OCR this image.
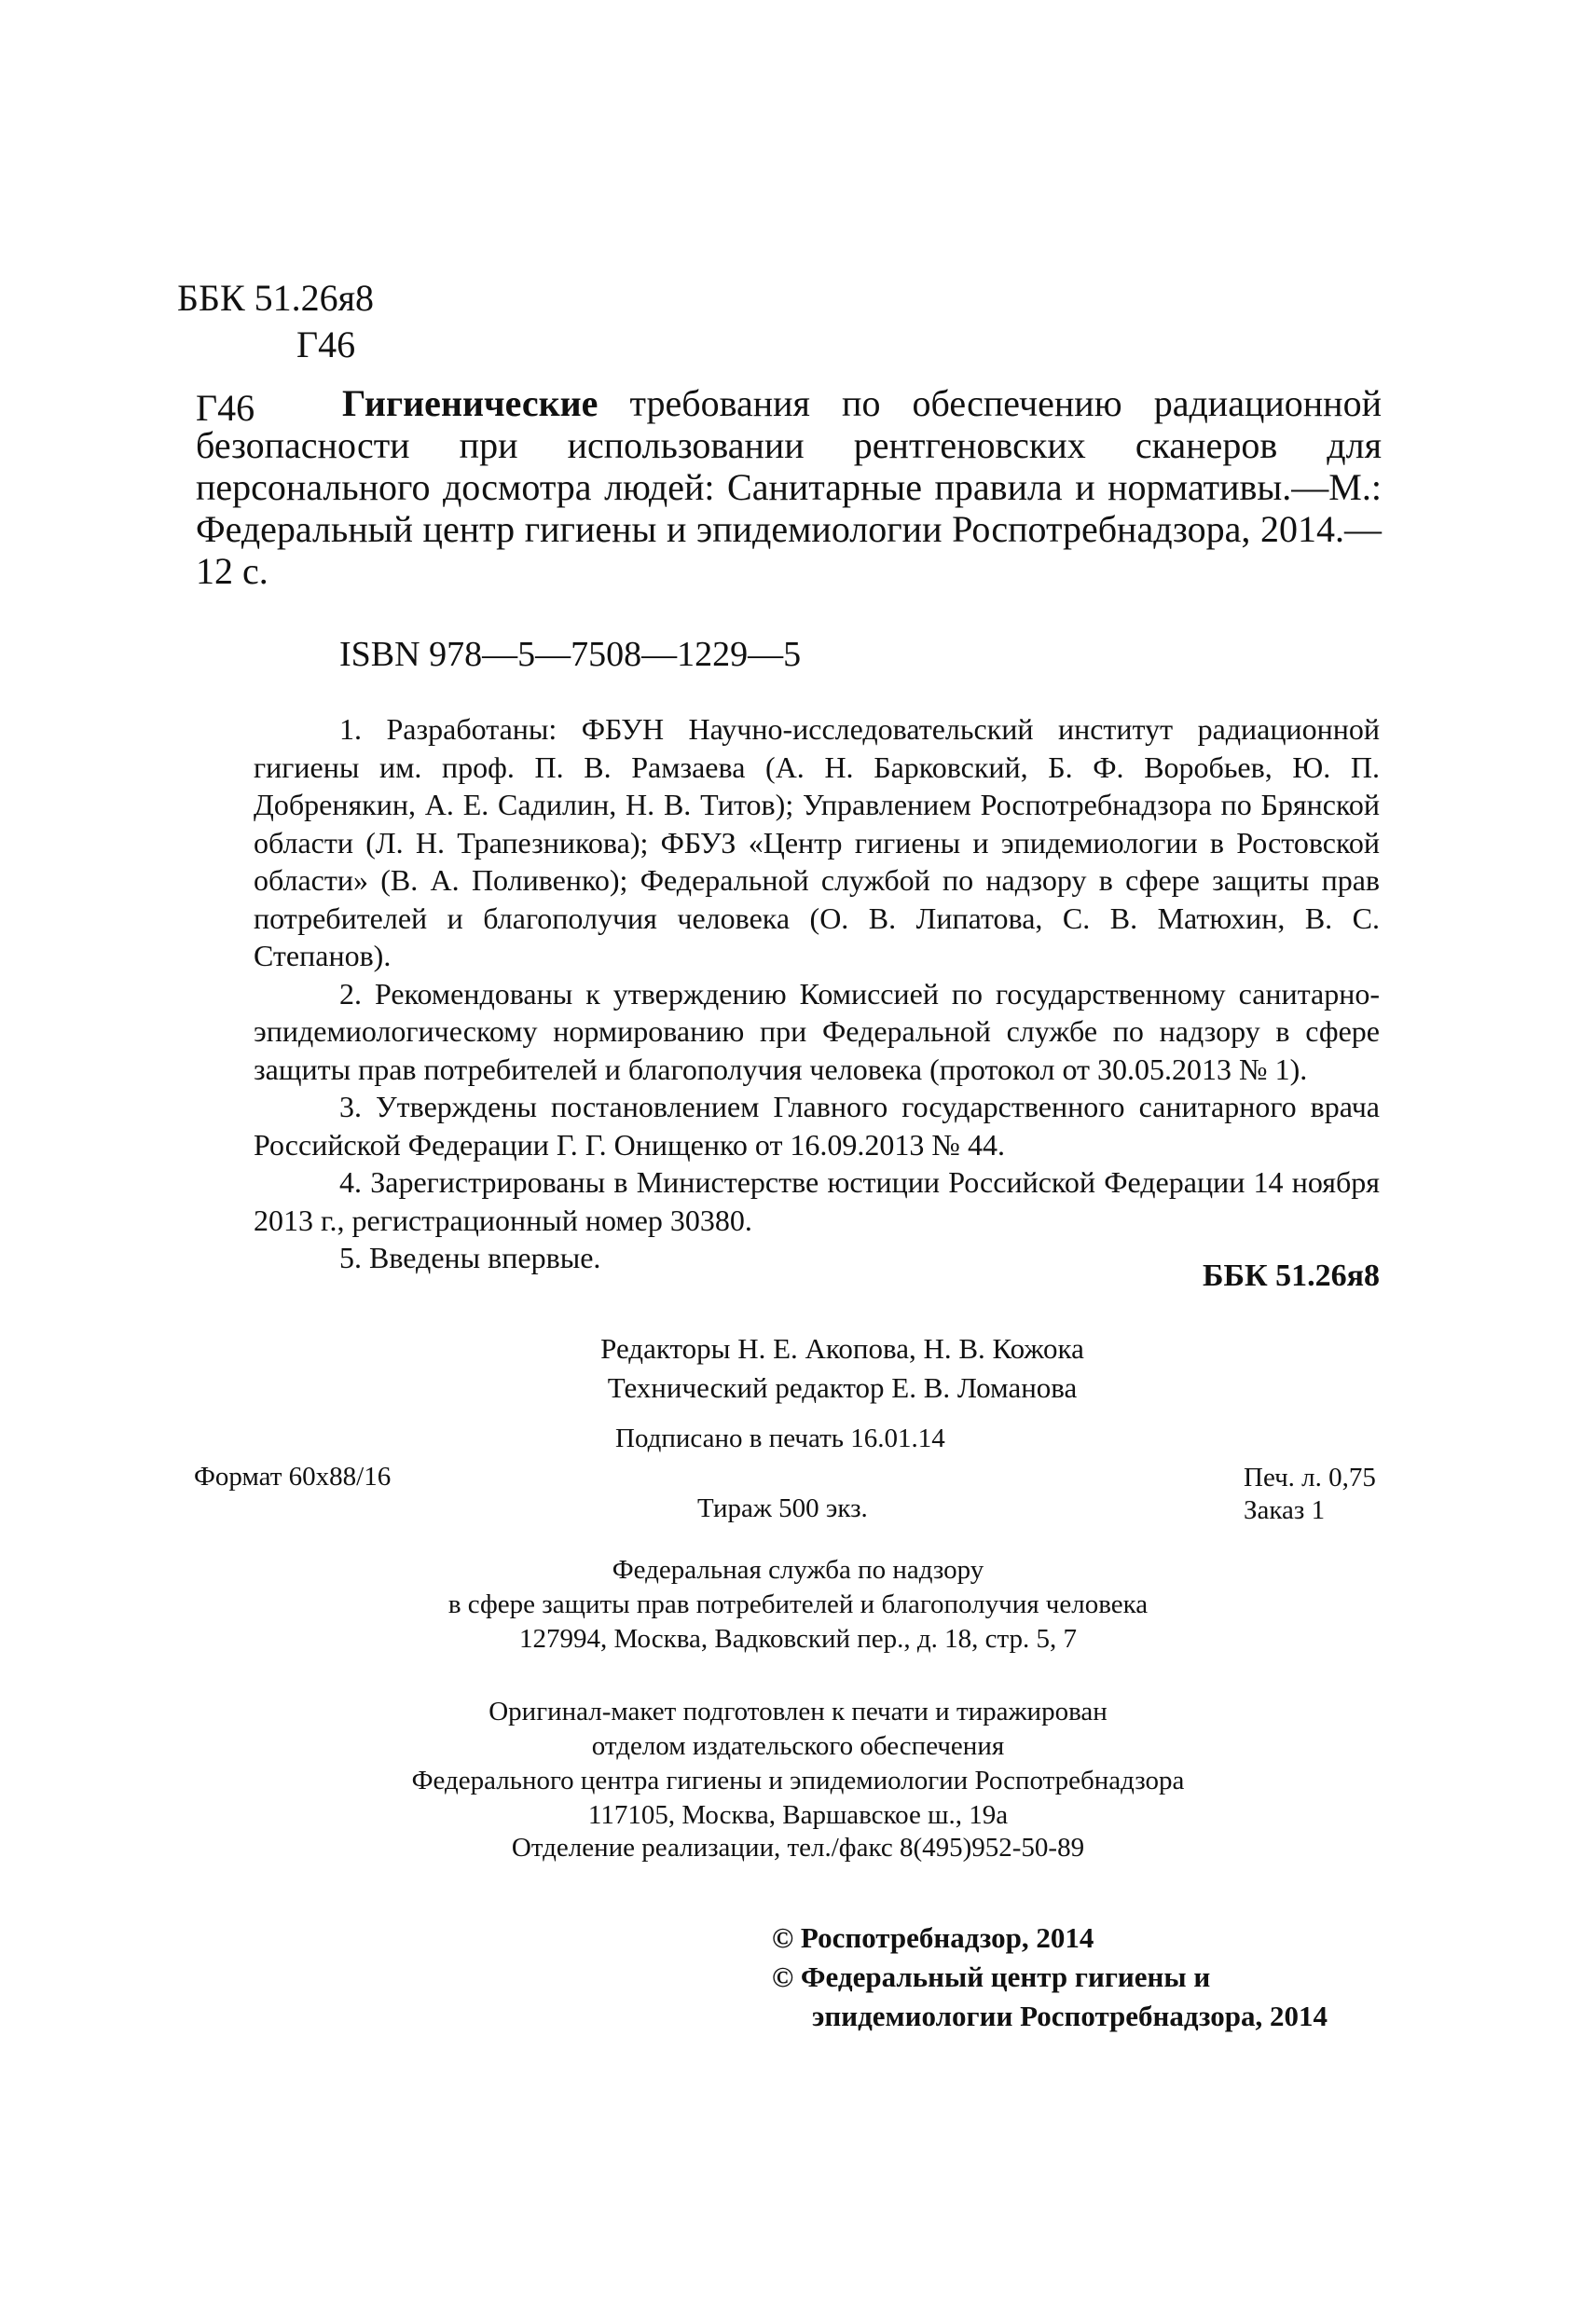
ББК 51.26я8
Г46
Г46	Гигиенические требования по обеспечению радиационной безопасности при использовании рентгеновских сканеров для персонального досмотра людей: Санитарные правила и нормативы.—М.: Федеральный центр гигиены и эпидемиологии Роспотребнадзора, 2014.—12 с.
ISBN 978—5—7508—1229—5

1. Разработаны: ФБУН Научно-исследовательский институт радиационной гигиены им. проф. П. В. Рамзаева (А. Н. Барковский, Б. Ф. Воробьев, Ю. П. Добренякин, А. Е. Садилин, Н. В. Титов); Управлением Роспотребнадзора по Брянской области (Л. Н. Трапезникова); ФБУЗ «Центр гигиены и эпидемиологии в Ростовской области» (В. А. Поливенко); Федеральной службой по надзору в сфере защиты прав потребителей и благополучия человека (О. В. Липатова, С. В. Матюхин, В. С. Степанов).

2. Рекомендованы к утверждению Комиссией по государственному санитарно-эпидемиологическому нормированию при Федеральной службе по надзору в сфере защиты прав потребителей и благополучия человека (протокол от 30.05.2013 № 1).

3. Утверждены постановлением Главного государственного санитарного врача Российской Федерации Г. Г. Онищенко от 16.09.2013 № 44.

4. Зарегистрированы в Министерстве юстиции Российской Федерации 14 ноября 2013 г., регистрационный номер 30380.

5. Введены впервые.

ББК 51.26я8
Редакторы Н. Е. Акопова, Н. В. Кожока
Технический редактор Е. В. Ломанова
Подписано в печать 16.01.14
Формат 60x88/16
Тираж 500 экз.
Печ. л. 0,75
Заказ 1
Федеральная служба по надзору
в сфере защиты прав потребителей и благополучия человека
127994, Москва, Вадковский пер., д. 18, стр. 5, 7
Оригинал-макет подготовлен к печати и тиражирован
отделом издательского обеспечения
Федерального центра гигиены и эпидемиологии Роспотребнадзора
117105, Москва, Варшавское ш., 19а
Отделение реализации, тел./факс 8(495)952-50-89
© Роспотребнадзор, 2014
© Федеральный центр гигиены и
эпидемиологии Роспотребнадзора, 2014
